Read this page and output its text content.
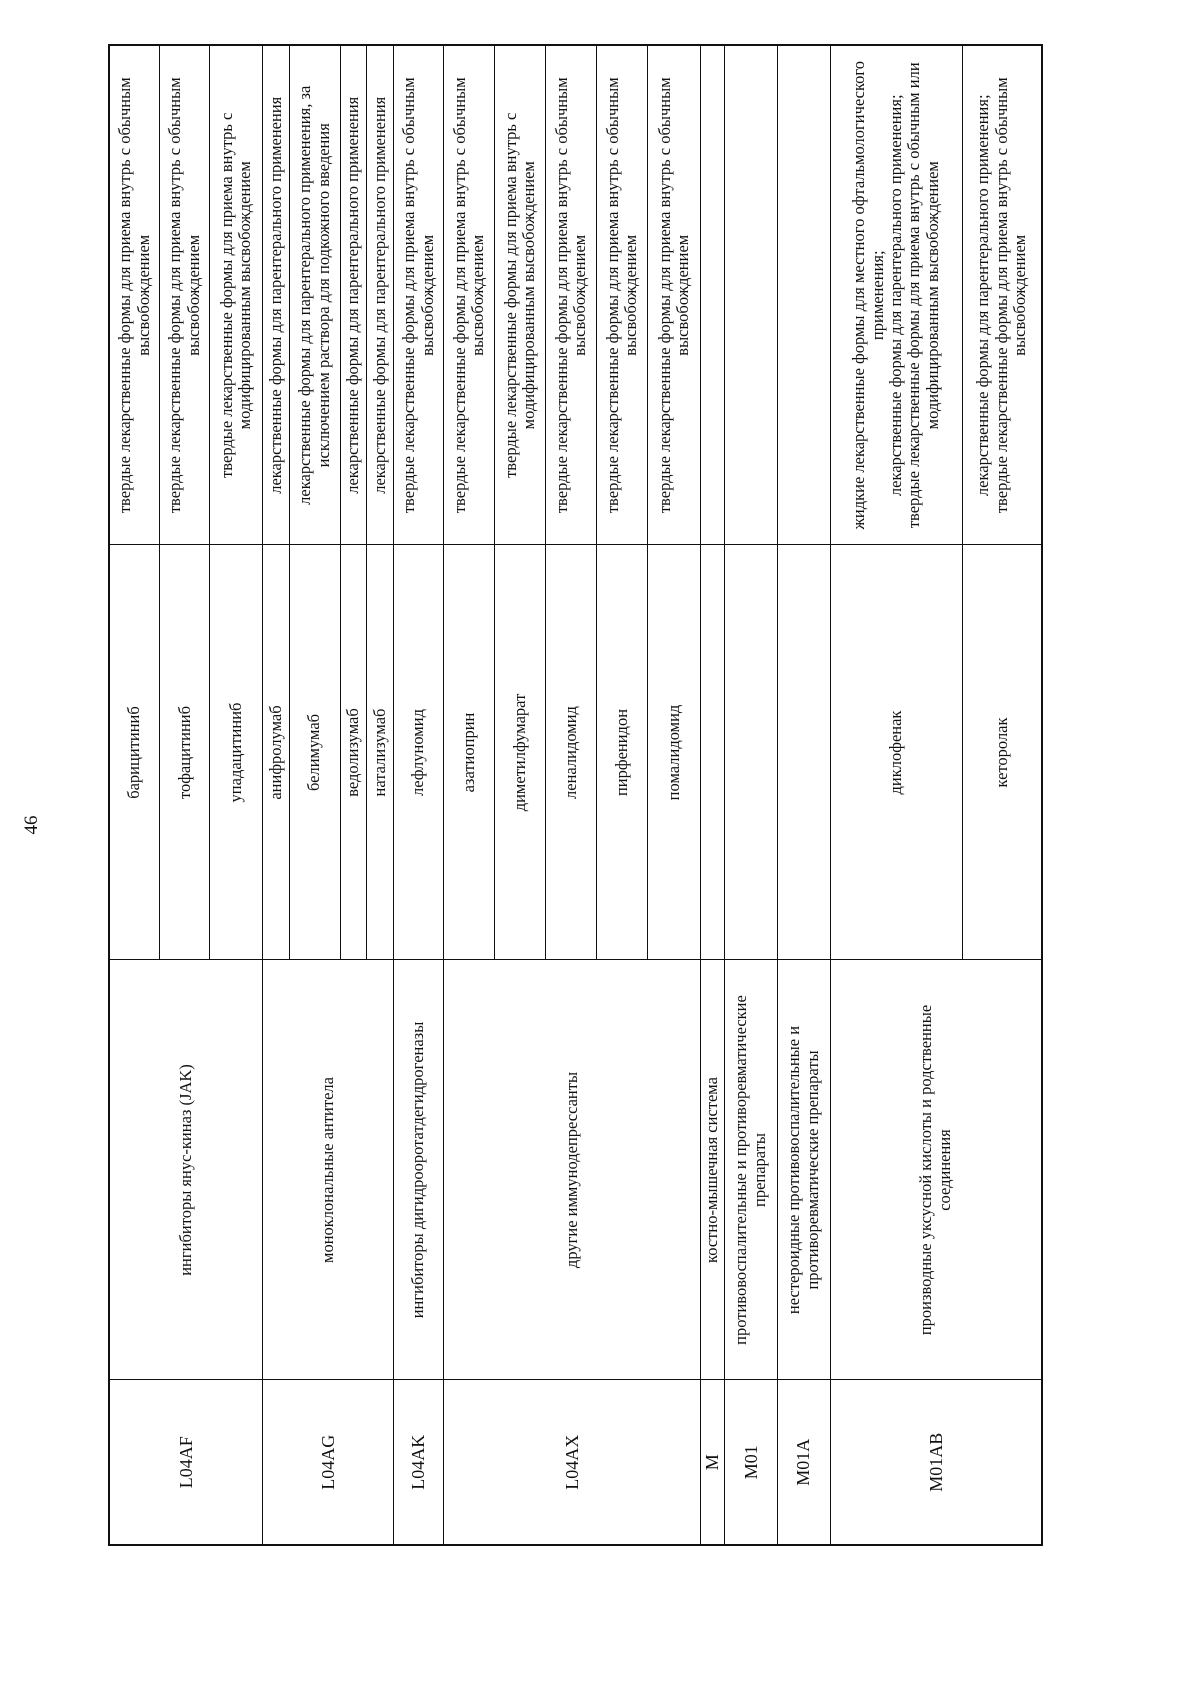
46
L04AF	ингибиторы янус-киназ (JAK)	барицитиниб	твердые лекарственные формы для приема внутрь с обычным высвобождением
		тофацитиниб	твердые лекарственные формы для приема внутрь с обычным высвобождением
		упадацитиниб	твердые лекарственные формы для приема внутрь с модифицированным высвобождением
L04AG	моноклональные антитела	анифролумаб	лекарственные формы для парентерального применения
		белимумаб	лекарственные формы для парентерального применения, за исключением раствора для подкожного введения
		ведолизумаб	лекарственные формы для парентерального применения
		натализумаб	лекарственные формы для парентерального применения
L04AK	ингибиторы дигидрооротатдегидрогеназы	лефлуномид	твердые лекарственные формы для приема внутрь с обычным высвобождением
L04AX	другие иммунодепрессанты	азатиоприн	твердые лекарственные формы для приема внутрь с обычным высвобождением
		диметилфумарат	твердые лекарственные формы для приема внутрь с модифицированным высвобождением
		леналидомид	твердые лекарственные формы для приема внутрь с обычным высвобождением
		пирфенидон	твердые лекарственные формы для приема внутрь с обычным высвобождением
		помалидомид	твердые лекарственные формы для приема внутрь с обычным высвобождением
M	костно-мышечная система		
M01	противовоспалительные и противоревматические препараты		
M01A	нестероидные противовоспалительные и противоревматические препараты		
M01AB	производные уксусной кислоты и родственные соединения	диклофенак	жидкие лекарственные формы для местного офтальмологического применения;
лекарственные формы для парентерального применения;
твердые лекарственные формы для приема внутрь с обычным или модифицированным высвобождением
		кеторолак	лекарственные формы для парентерального применения;
твердые лекарственные формы для приема внутрь с обычным высвобождением
